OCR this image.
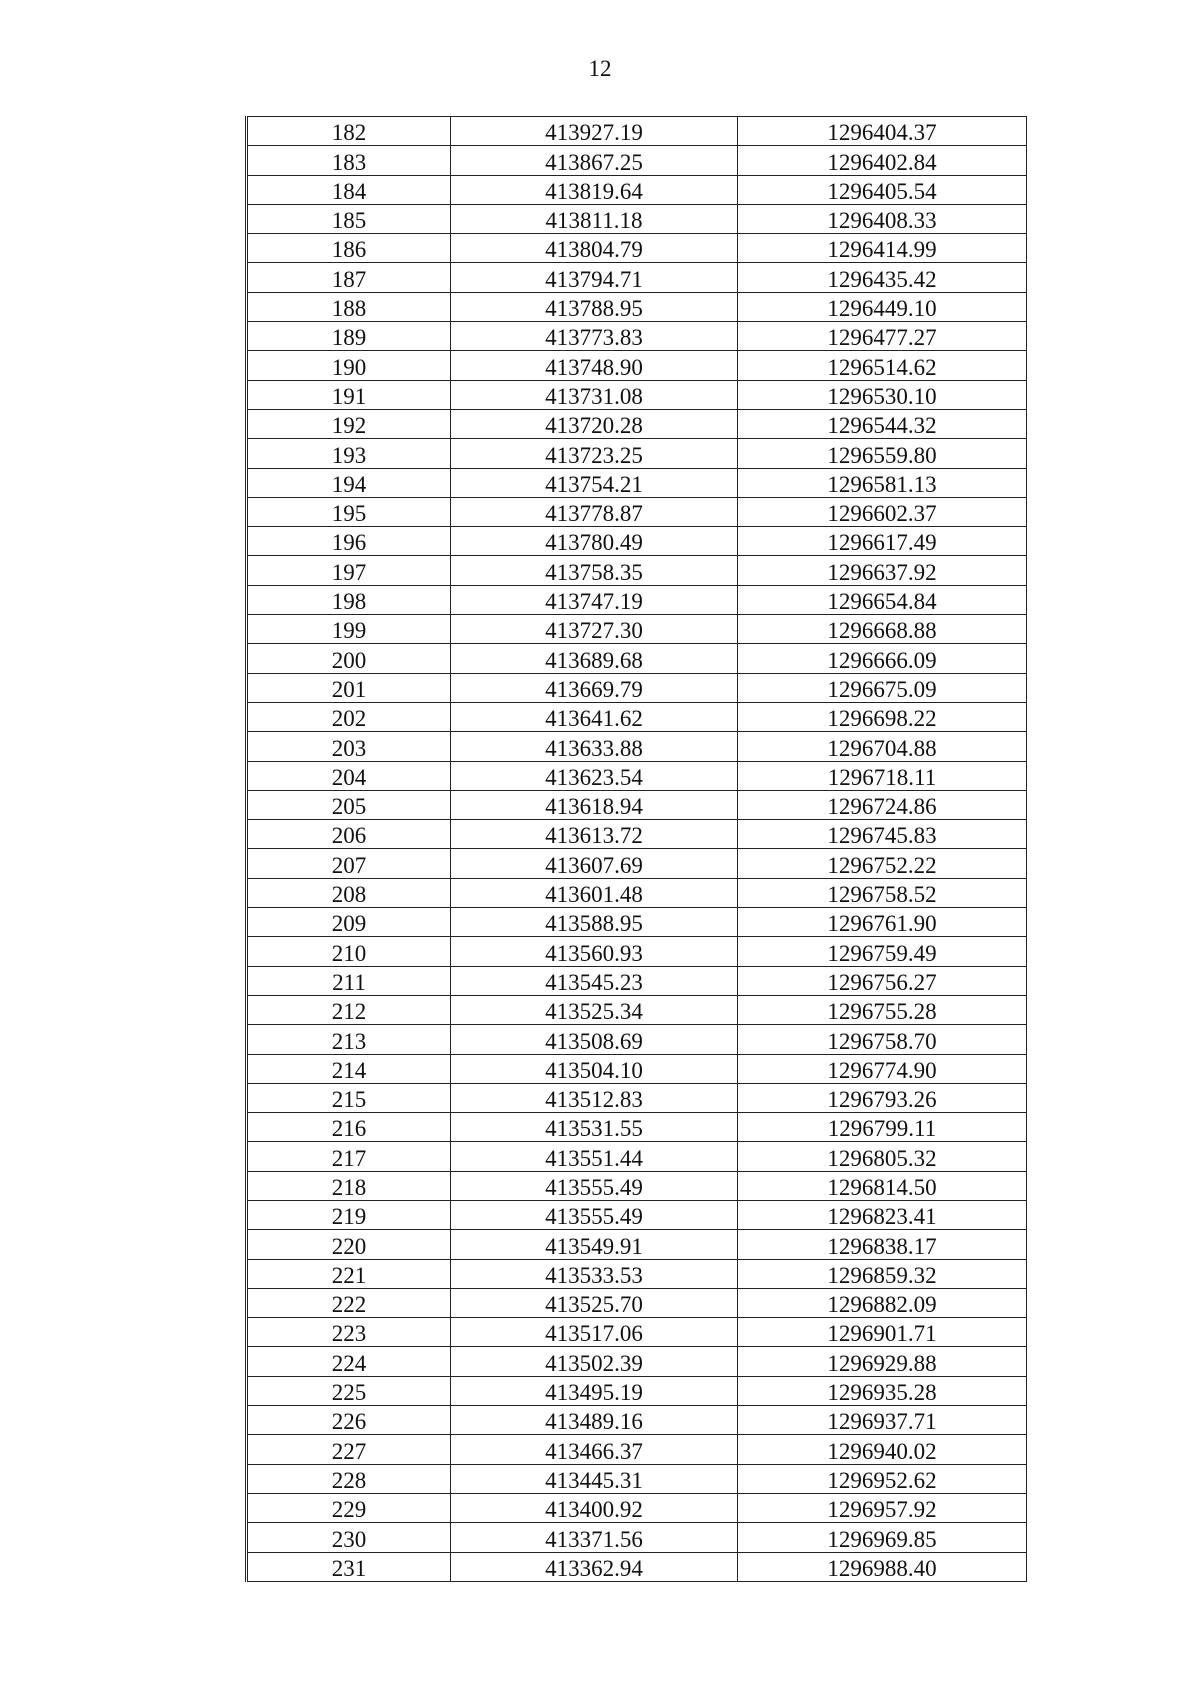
12
182	413927.19	1296404.37
183	413867.25	1296402.84
184	413819.64	1296405.54
185	413811.18	1296408.33
186	413804.79	1296414.99
187	413794.71	1296435.42
188	413788.95	1296449.10
189	413773.83	1296477.27
190	413748.90	1296514.62
191	413731.08	1296530.10
192	413720.28	1296544.32
193	413723.25	1296559.80
194	413754.21	1296581.13
195	413778.87	1296602.37
196	413780.49	1296617.49
197	413758.35	1296637.92
198	413747.19	1296654.84
199	413727.30	1296668.88
200	413689.68	1296666.09
201	413669.79	1296675.09
202	413641.62	1296698.22
203	413633.88	1296704.88
204	413623.54	1296718.11
205	413618.94	1296724.86
206	413613.72	1296745.83
207	413607.69	1296752.22
208	413601.48	1296758.52
209	413588.95	1296761.90
210	413560.93	1296759.49
211	413545.23	1296756.27
212	413525.34	1296755.28
213	413508.69	1296758.70
214	413504.10	1296774.90
215	413512.83	1296793.26
216	413531.55	1296799.11
217	413551.44	1296805.32
218	413555.49	1296814.50
219	413555.49	1296823.41
220	413549.91	1296838.17
221	413533.53	1296859.32
222	413525.70	1296882.09
223	413517.06	1296901.71
224	413502.39	1296929.88
225	413495.19	1296935.28
226	413489.16	1296937.71
227	413466.37	1296940.02
228	413445.31	1296952.62
229	413400.92	1296957.92
230	413371.56	1296969.85
231	413362.94	1296988.40
